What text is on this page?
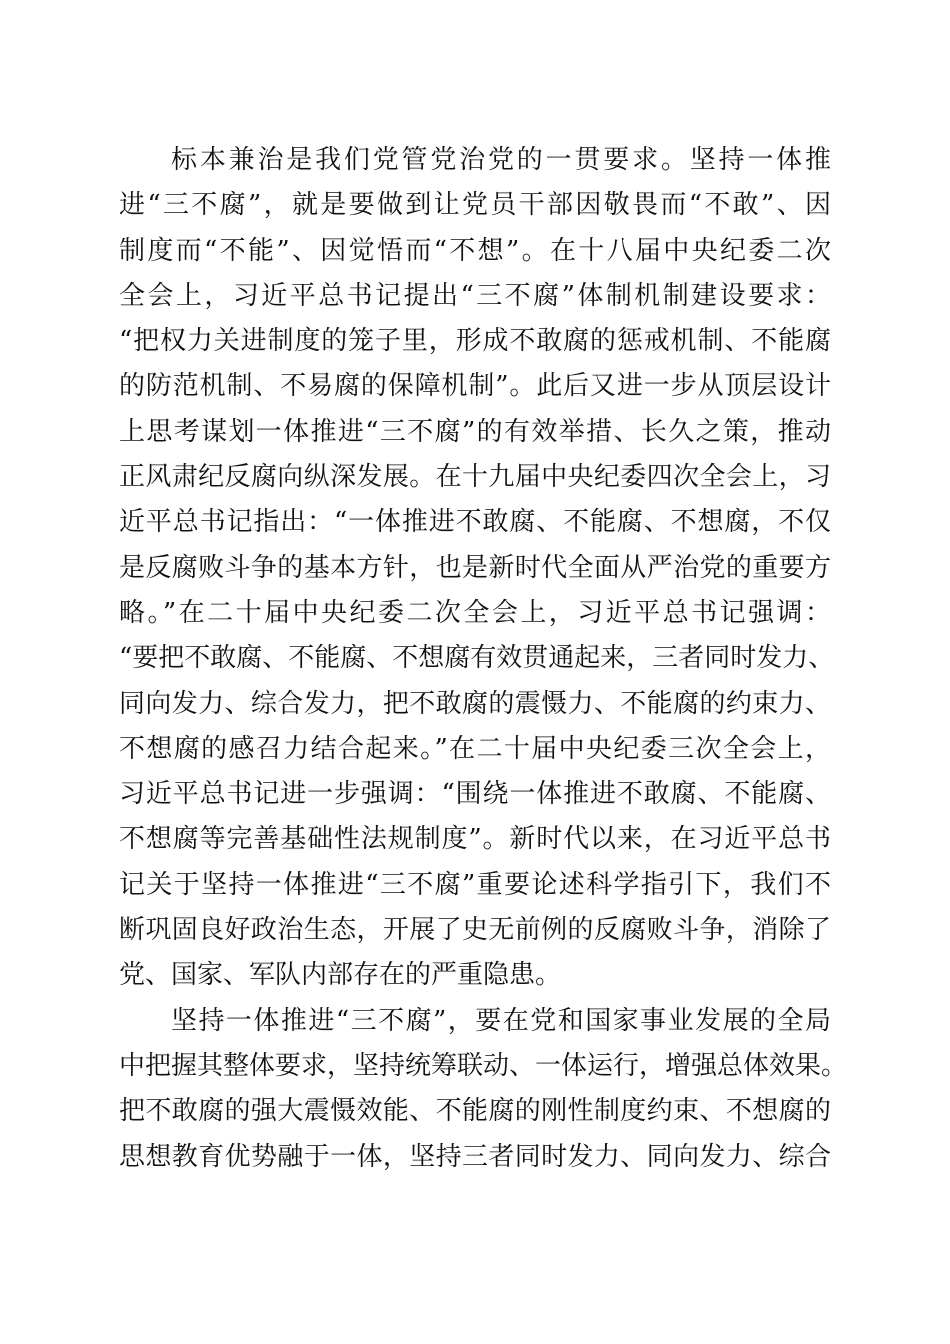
标本兼治是我们党管党治党的一贯要求。坚持一体推
进“三不腐”，就是要做到让党员干部因敬畏而“不敢”、因
制度而“不能”、因觉悟而“不想”。在十八届中央纪委二次
全会上，习近平总书记提出“三不腐”体制机制建设要求：
“把权力关进制度的笼子里，形成不敢腐的惩戒机制、不能腐
的防范机制、不易腐的保障机制”。此后又进一步从顶层设计
上思考谋划一体推进“三不腐”的有效举措、长久之策，推动
正风肃纪反腐向纵深发展。在十九届中央纪委四次全会上，习
近平总书记指出：“一体推进不敢腐、不能腐、不想腐，不仅
是反腐败斗争的基本方针，也是新时代全面从严治党的重要方
略。”在二十届中央纪委二次全会上，习近平总书记强调：
“要把不敢腐、不能腐、不想腐有效贯通起来，三者同时发力、
同向发力、综合发力，把不敢腐的震慑力、不能腐的约束力、
不想腐的感召力结合起来。”在二十届中央纪委三次全会上，
习近平总书记进一步强调：“围绕一体推进不敢腐、不能腐、
不想腐等完善基础性法规制度”。新时代以来，在习近平总书
记关于坚持一体推进“三不腐”重要论述科学指引下，我们不
断巩固良好政治生态，开展了史无前例的反腐败斗争，消除了
党、国家、军队内部存在的严重隐患。
坚持一体推进“三不腐”，要在党和国家事业发展的全局
中把握其整体要求，坚持统筹联动、一体运行，增强总体效果。
把不敢腐的强大震慑效能、不能腐的刚性制度约束、不想腐的
思想教育优势融于一体，坚持三者同时发力、同向发力、综合
